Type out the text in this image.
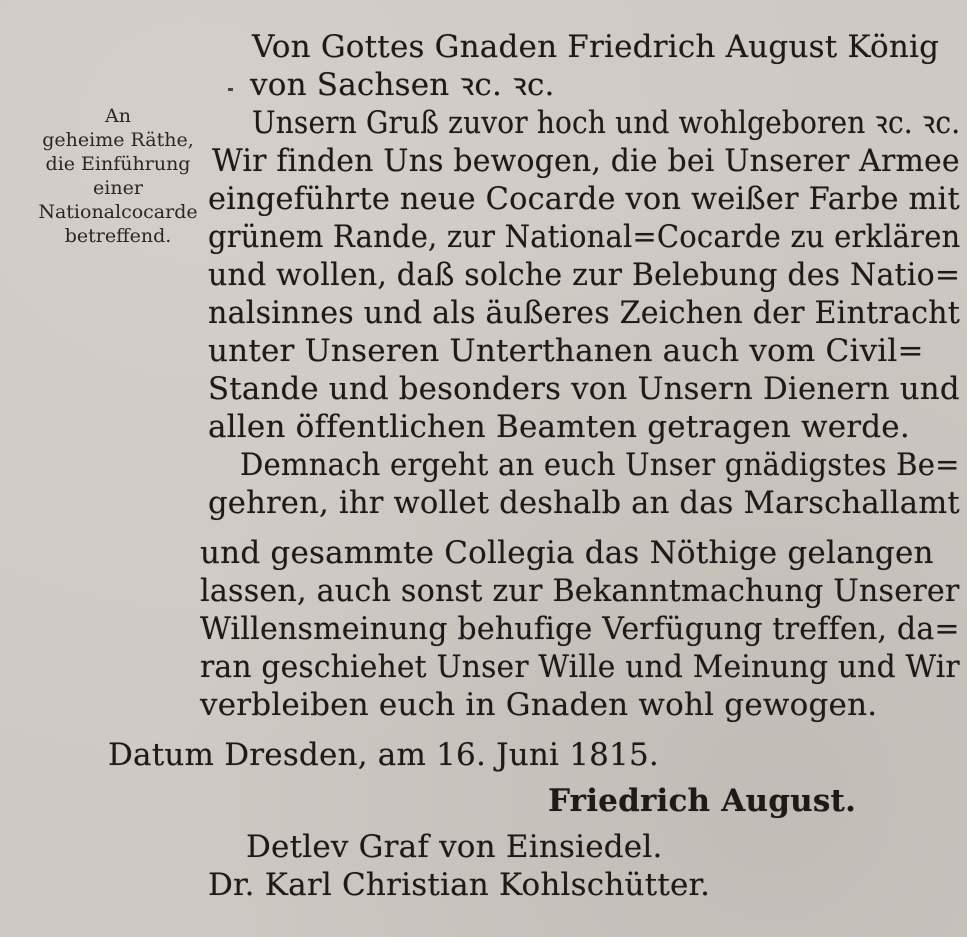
An
geheime Räthe,
die Einführung
einer
Nationalcocarde
betreffend.
Von Gottes Gnaden Friedrich August König
von Sachsen ꝛc. ꝛc.
Unsern Gruß zuvor hoch und wohlgeboren ꝛc. ꝛc.
Wir finden Uns bewogen, die bei Unserer Armee
eingeführte neue Cocarde von weißer Farbe mit
grünem Rande, zur National=Cocarde zu erklären
und wollen, daß solche zur Belebung des Natio=
nalsinnes und als äußeres Zeichen der Eintracht
unter Unseren Unterthanen auch vom Civil=
Stande und besonders von Unsern Dienern und
allen öffentlichen Beamten getragen werde.
Demnach ergeht an euch Unser gnädigstes Be=
gehren, ihr wollet deshalb an das Marschallamt
und gesammte Collegia das Nöthige gelangen
lassen, auch sonst zur Bekanntmachung Unserer
Willensmeinung behufige Verfügung treffen, da=
ran geschiehet Unser Wille und Meinung und Wir
verbleiben euch in Gnaden wohl gewogen.
Datum Dresden, am 16. Juni 1815.
Friedrich August.
Detlev Graf von Einsiedel.
Dr. Karl Christian Kohlschütter.
